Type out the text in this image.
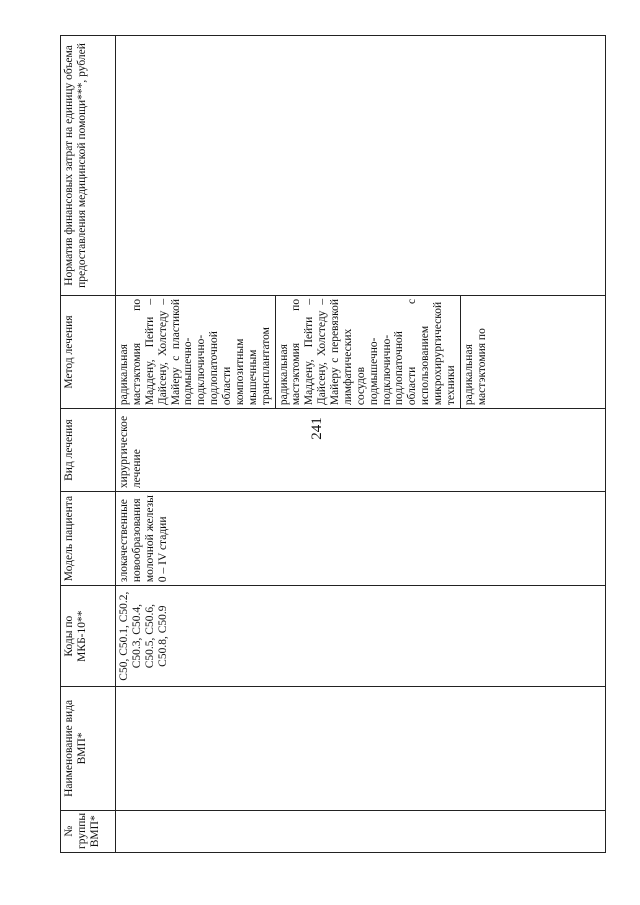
241
№ группы ВМП*	Наименование вида ВМП*	Коды по МКБ-10**	Модель пациента	Вид лечения	Метод лечения	Норматив финансовых затрат на единицу объема предоставления медицинской помощи***, рублей
		C50, C50.1, C50.2, C50.3, C50.4, C50.5, C50.6, C50.8, C50.9	злокачественные новообразования молочной железы 0 – IV стадии	хирургическое лечение	радикальная мастэктомия по Маддену, Пейти – Дайсену, Холстеду – Майеру с пластикой подмышечно-подключично-подлопаточной области композитным мышечным трансплантатом	
					радикальная мастэктомия по Маддену, Пейти – Дайсену, Холстеду – Майеру с перевязкой лимфатических сосудов подмышечно-подключично-подлопаточной области с использованием микрохирургической техники	
					радикальная мастэктомия по	
